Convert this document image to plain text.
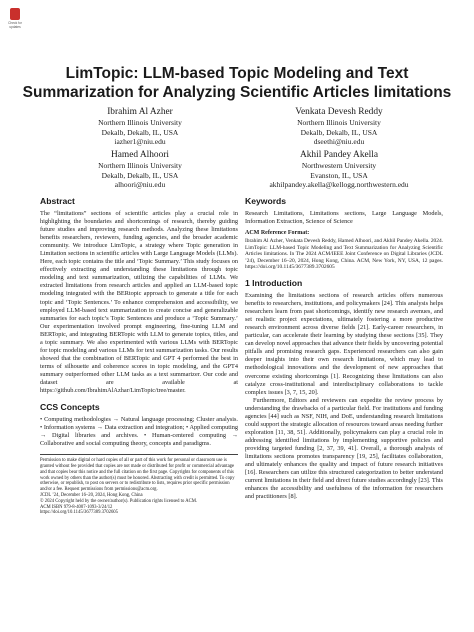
Check for updates
LimTopic: LLM-based Topic Modeling and Text Summarization for Analyzing Scientific Articles limitations
Ibrahim Al Azher
Northern Illinois University
Dekalb, Dekalb, IL, USA
iazher1@niu.edu
Venkata Devesh Reddy
Northern Illinois University
Dekalb, Dekalb, IL, USA
dseethi@niu.edu
Hamed Alhoori
Northern Illinois University
Dekalb, Dekalb, IL, USA
alhoori@niu.edu
Akhil Pandey Akella
Northwestern University
Evanston, IL, USA
akhilpandey.akella@kellogg.northwestern.edu
Abstract

The “limitations” sections of scientific articles play a crucial role in highlighting the boundaries and shortcomings of research, thereby guiding future studies and improving research methods. Analyzing these limitations benefits researchers, reviewers, funding agencies, and the broader academic community. We introduce LimTopic, a strategy where Topic generation in Limitation sections in scientific articles with Large Language Models (LLMs). Here, each topic contains the title and ‘Topic Summary.’ This study focuses on effectively extracting and understanding these limitations through topic modeling and text summarization, utilizing the capabilities of LLMs. We extracted limitations from research articles and applied an LLM-based topic modeling integrated with the BERtopic approach to generate a title for each topic and ‘Topic Sentences.’ To enhance comprehension and accessibility, we employed LLM-based text summarization to create concise and generalizable summaries for each topic’s Topic Sentences and produce a ‘Topic Summary.’ Our experimentation involved prompt engineering, fine-tuning LLM and BERTopic, and integrating BERTopic with LLM to generate topics, titles, and a topic summary. We also experimented with various LLMs with BERTopic for topic modeling and various LLMs for text summarization tasks. Our results showed that the combination of BERTopic and GPT 4 performed the best in terms of silhouette and coherence scores in topic modeling, and the GPT4 summary outperformed other LLM tasks as a text summarizer. Our code and dataset are available at https://github.com/IbrahimAlAzhar/LimTopic/tree/master.

CCS Concepts

• Computing methodologies → Natural language processing; Cluster analysis. • Information systems → Data extraction and integration; • Applied computing → Digital libraries and archives. • Human-centered computing → Collaborative and social computing theory, concepts and paradigms.

Permission to make digital or hard copies of all or part of this work for personal or classroom use is granted without fee provided that copies are not made or distributed for profit or commercial advantage and that copies bear this notice and the full citation on the first page. Copyrights for components of this work owned by others than the author(s) must be honored. Abstracting with credit is permitted. To copy otherwise, or republish, to post on servers or to redistribute to lists, requires prior specific permission and/or a fee. Request permissions from permissions@acm.org.
JCDL ’24, December 16–20, 2024, Hong Kong, China
© 2024 Copyright held by the owner/author(s). Publication rights licensed to ACM.
ACM ISBN 979-8-4007-1093-3/24/12
https://doi.org/10.1145/3677389.3702605
Keywords

Research Limitations, Limitations sections, Large Language Models, Information Extraction, Science of Science

ACM Reference Format:

Ibrahim Al Azher, Venkata Devesh Reddy, Hamed Alhoori, and Akhil Pandey Akella. 2024. LimTopic: LLM-based Topic Modeling and Text Summarization for Analyzing Scientific Articles limitations. In The 2024 ACM/IEEE Joint Conference on Digital Libraries (JCDL ’24), December 16–20, 2024, Hong Kong, China. ACM, New York, NY, USA, 12 pages. https://doi.org/10.1145/3677389.3702605

1 Introduction

Examining the limitations sections of research articles offers numerous benefits to researchers, institutions, and policymakers [24]. This analysis helps researchers learn from past shortcomings, identify new research avenues, and set realistic project expectations, ultimately fostering a more productive research environment across diverse fields [21]. Early-career researchers, in particular, can accelerate their learning by studying these sections [35]. They can develop novel approaches that advance their fields by uncovering potential pitfalls and promising research gaps. Experienced researchers can also gain deeper insights into their own research limitations, which may lead to methodological innovations and the development of new approaches that overcome existing shortcomings [1]. Recognizing these limitations can also catalyze cross-institutional and interdisciplinary collaborations to tackle complex issues [3, 7, 15, 20].

Furthermore, Editors and reviewers can expedite the review process by understanding the drawbacks of a particular field. For institutions and funding agencies [44] such as NSF, NIH, and DoE, understanding research limitations could support the strategic allocation of resources toward areas needing further exploration [11, 38, 51]. Additionally, policymakers can play a crucial role in addressing identified limitations by implementing supportive policies and providing targeted funding [2, 37, 39, 41]. Overall, a thorough analysis of limitations sections promotes transparency [19, 25], facilitates collaboration, and ultimately enhances the quality and impact of future research initiatives [16]. Researchers can utilize this structured categorization to better understand current limitations in their field and direct future studies accordingly [23]. This enhances the accessibility and usefulness of the information for researchers and practitioners [8].
